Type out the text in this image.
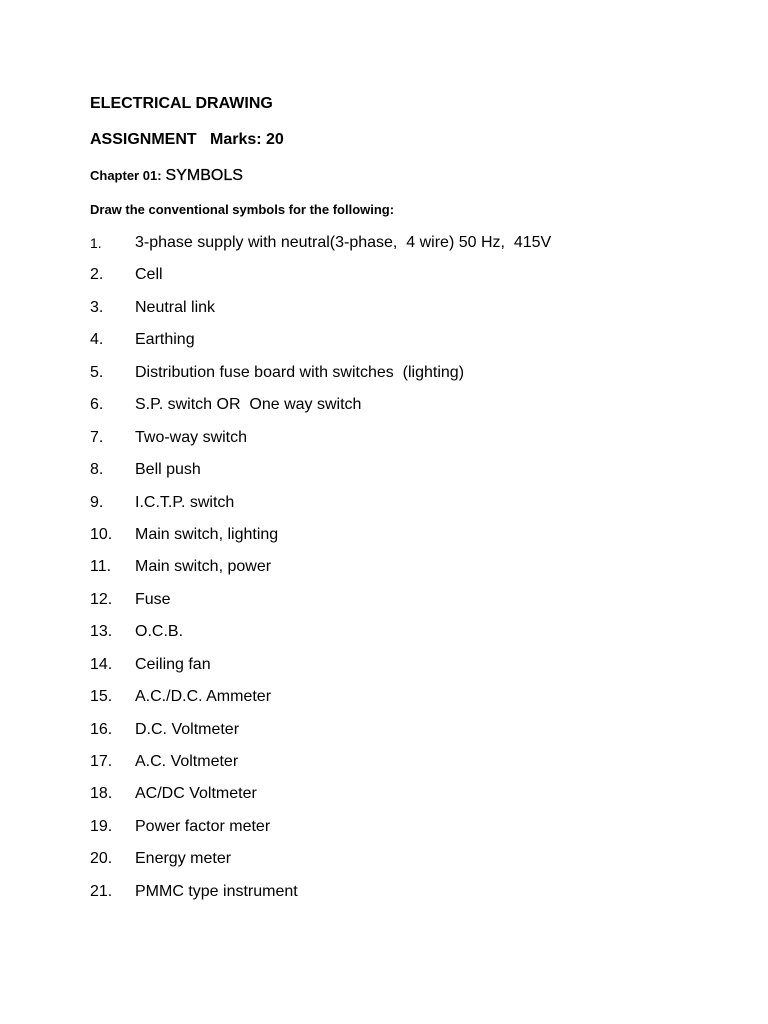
ELECTRICAL DRAWING
ASSIGNMENT   Marks: 20
Chapter 01: SYMBOLS
Draw the conventional symbols for the following:
1.	3-phase supply with neutral(3-phase,  4 wire) 50 Hz,  415V
2.	Cell
3.	Neutral link
4.	Earthing
5.	Distribution fuse board with switches  (lighting)
6.	S.P. switch OR  One way switch
7.	Two-way switch
8.	Bell push
9.	I.C.T.P. switch
10.	Main switch, lighting
11.	Main switch, power
12.	Fuse
13.	O.C.B.
14.	Ceiling fan
15.	A.C./D.C. Ammeter
16.	D.C. Voltmeter
17.	A.C. Voltmeter
18.	AC/DC Voltmeter
19.	Power factor meter
20.	Energy meter
21.	PMMC type instrument
